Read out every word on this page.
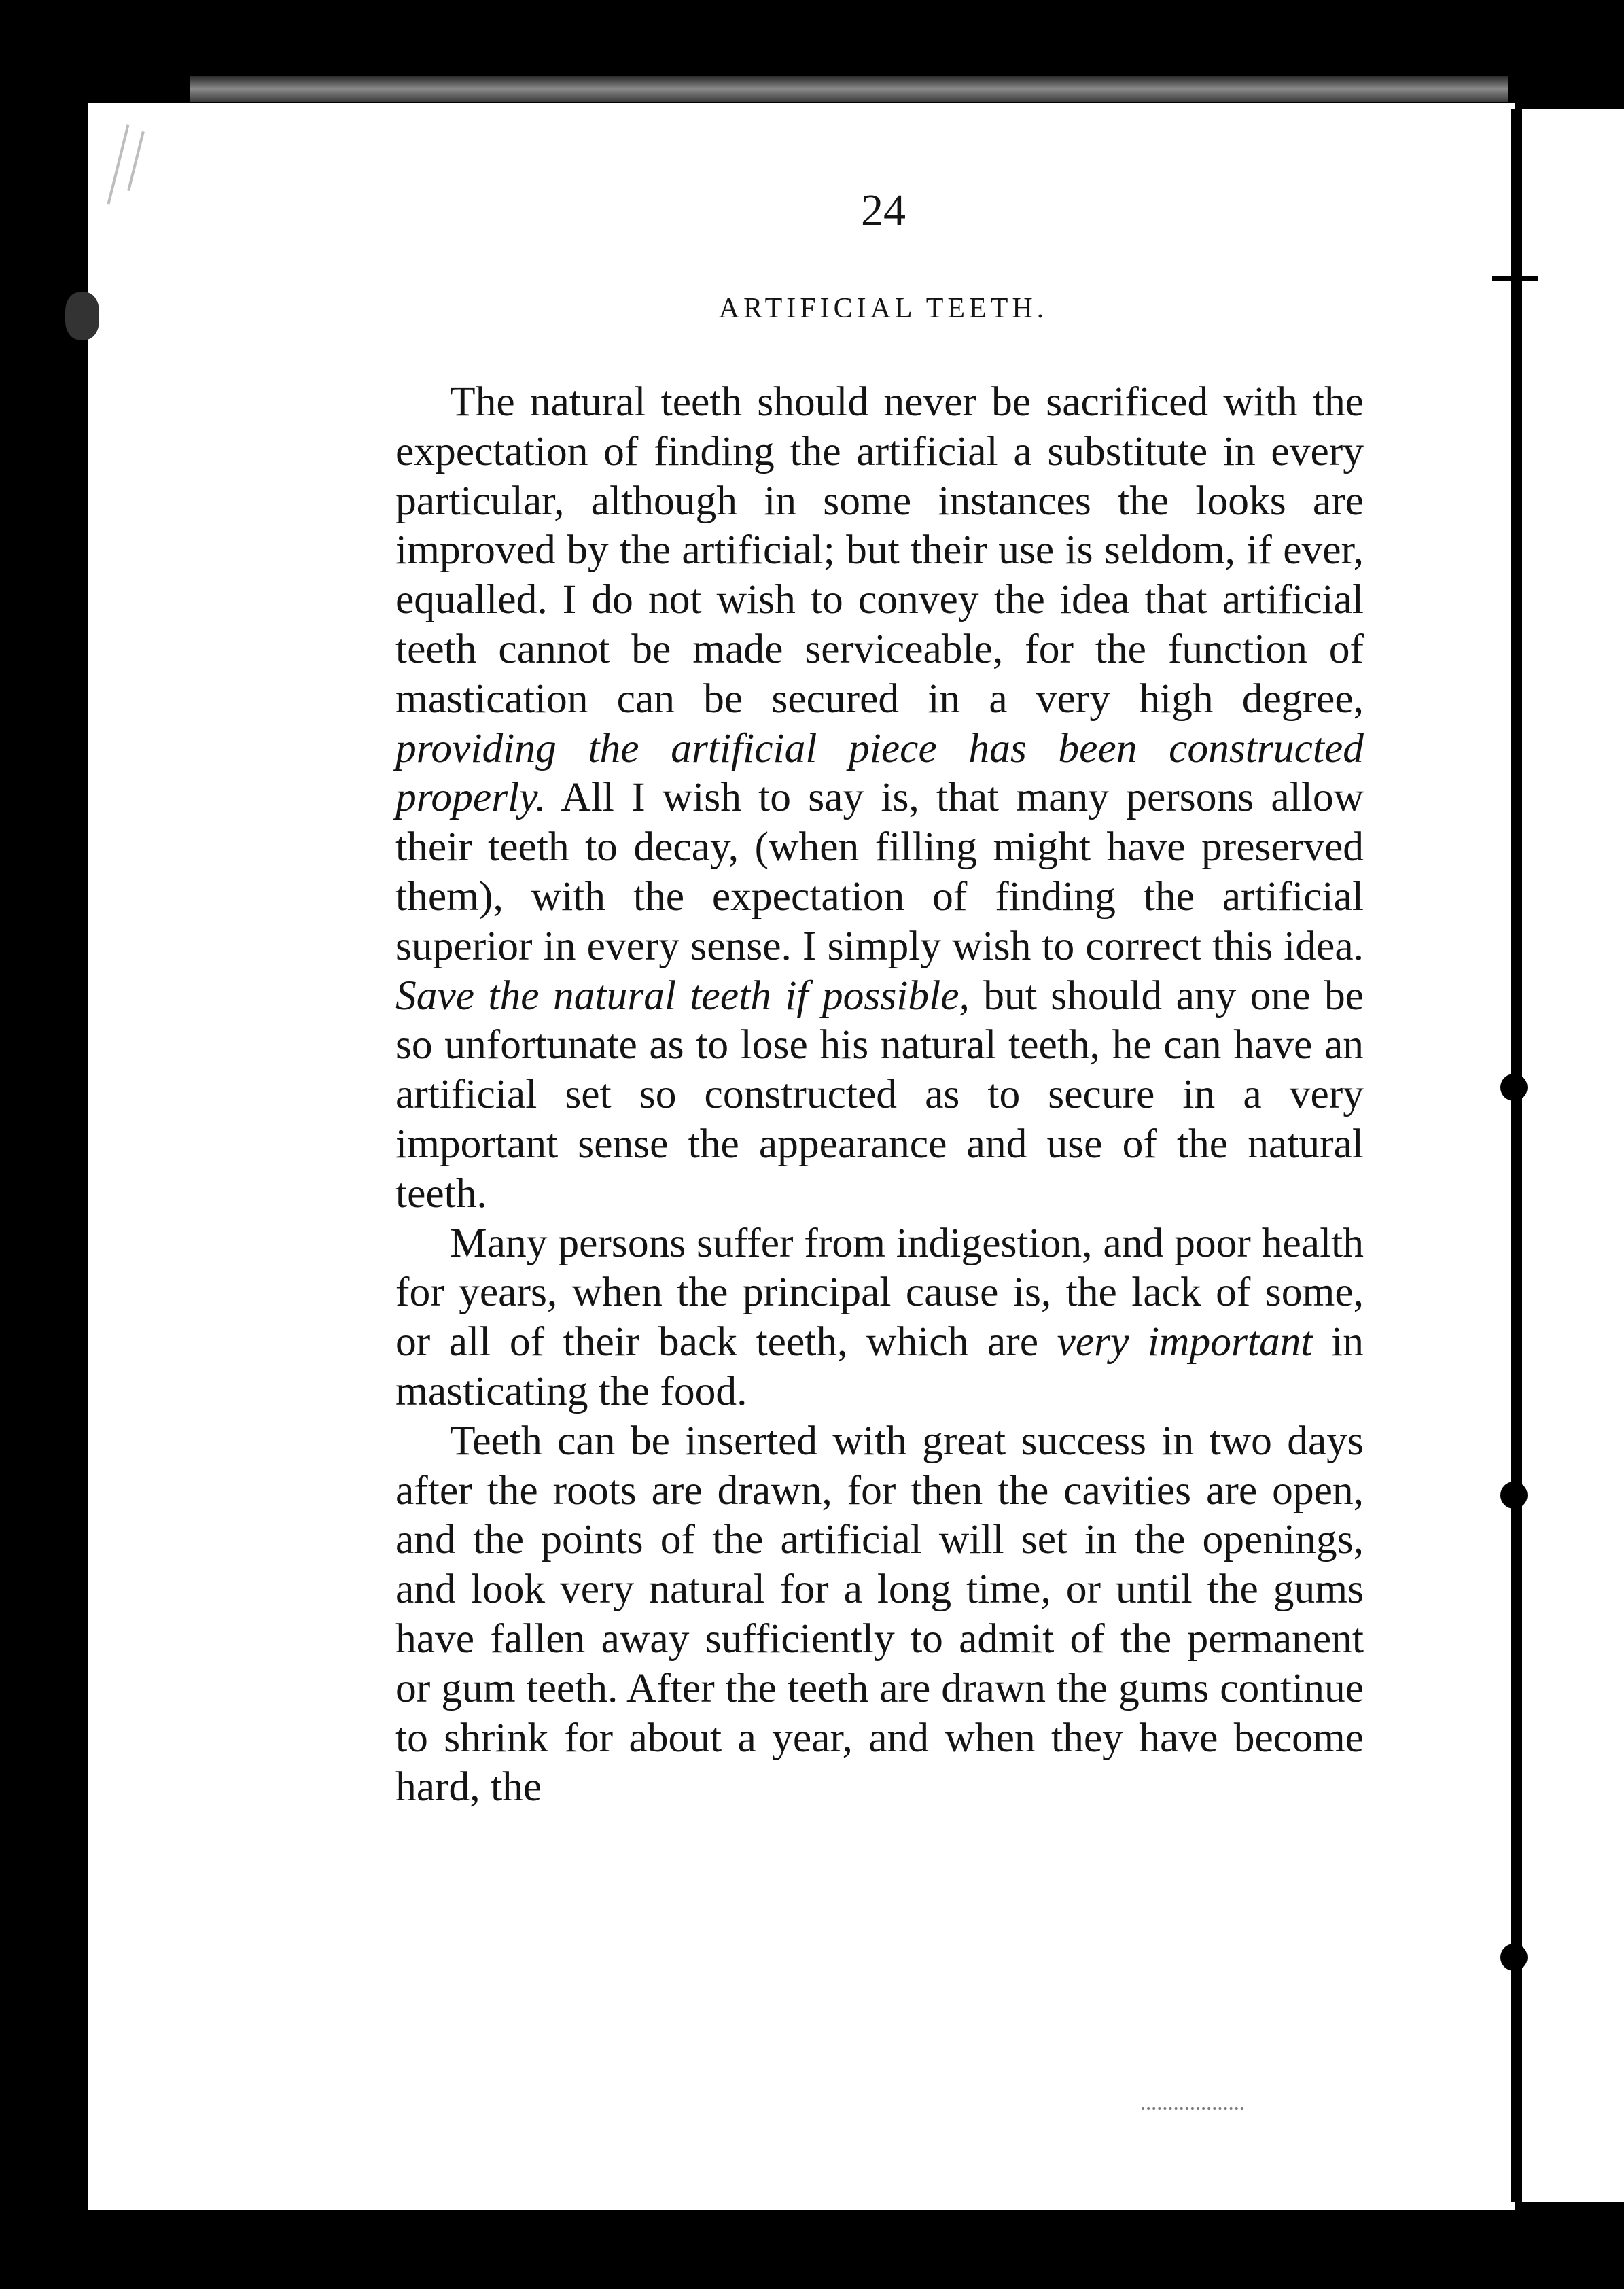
24

ARTIFICIAL TEETH.

The natural teeth should never be sacrificed with the expectation of finding the artificial a substitute in every particular, although in some instances the looks are improved by the artificial; but their use is seldom, if ever, equalled. I do not wish to convey the idea that artificial teeth cannot be made serviceable, for the function of mastication can be secured in a very high degree, providing the artificial piece has been constructed properly. All I wish to say is, that many persons allow their teeth to decay, (when filling might have preserved them), with the expectation of finding the artificial superior in every sense. I simply wish to correct this idea. Save the natural teeth if possible, but should any one be so unfortunate as to lose his natural teeth, he can have an artificial set so constructed as to secure in a very important sense the appearance and use of the natural teeth.

Many persons suffer from indigestion, and poor health for years, when the principal cause is, the lack of some, or all of their back teeth, which are very important in masticating the food.

Teeth can be inserted with great success in two days after the roots are drawn, for then the cavities are open, and the points of the artificial will set in the openings, and look very natural for a long time, or until the gums have fallen away sufficiently to admit of the permanent or gum teeth. After the teeth are drawn the gums continue to shrink for about a year, and when they have become hard, the
